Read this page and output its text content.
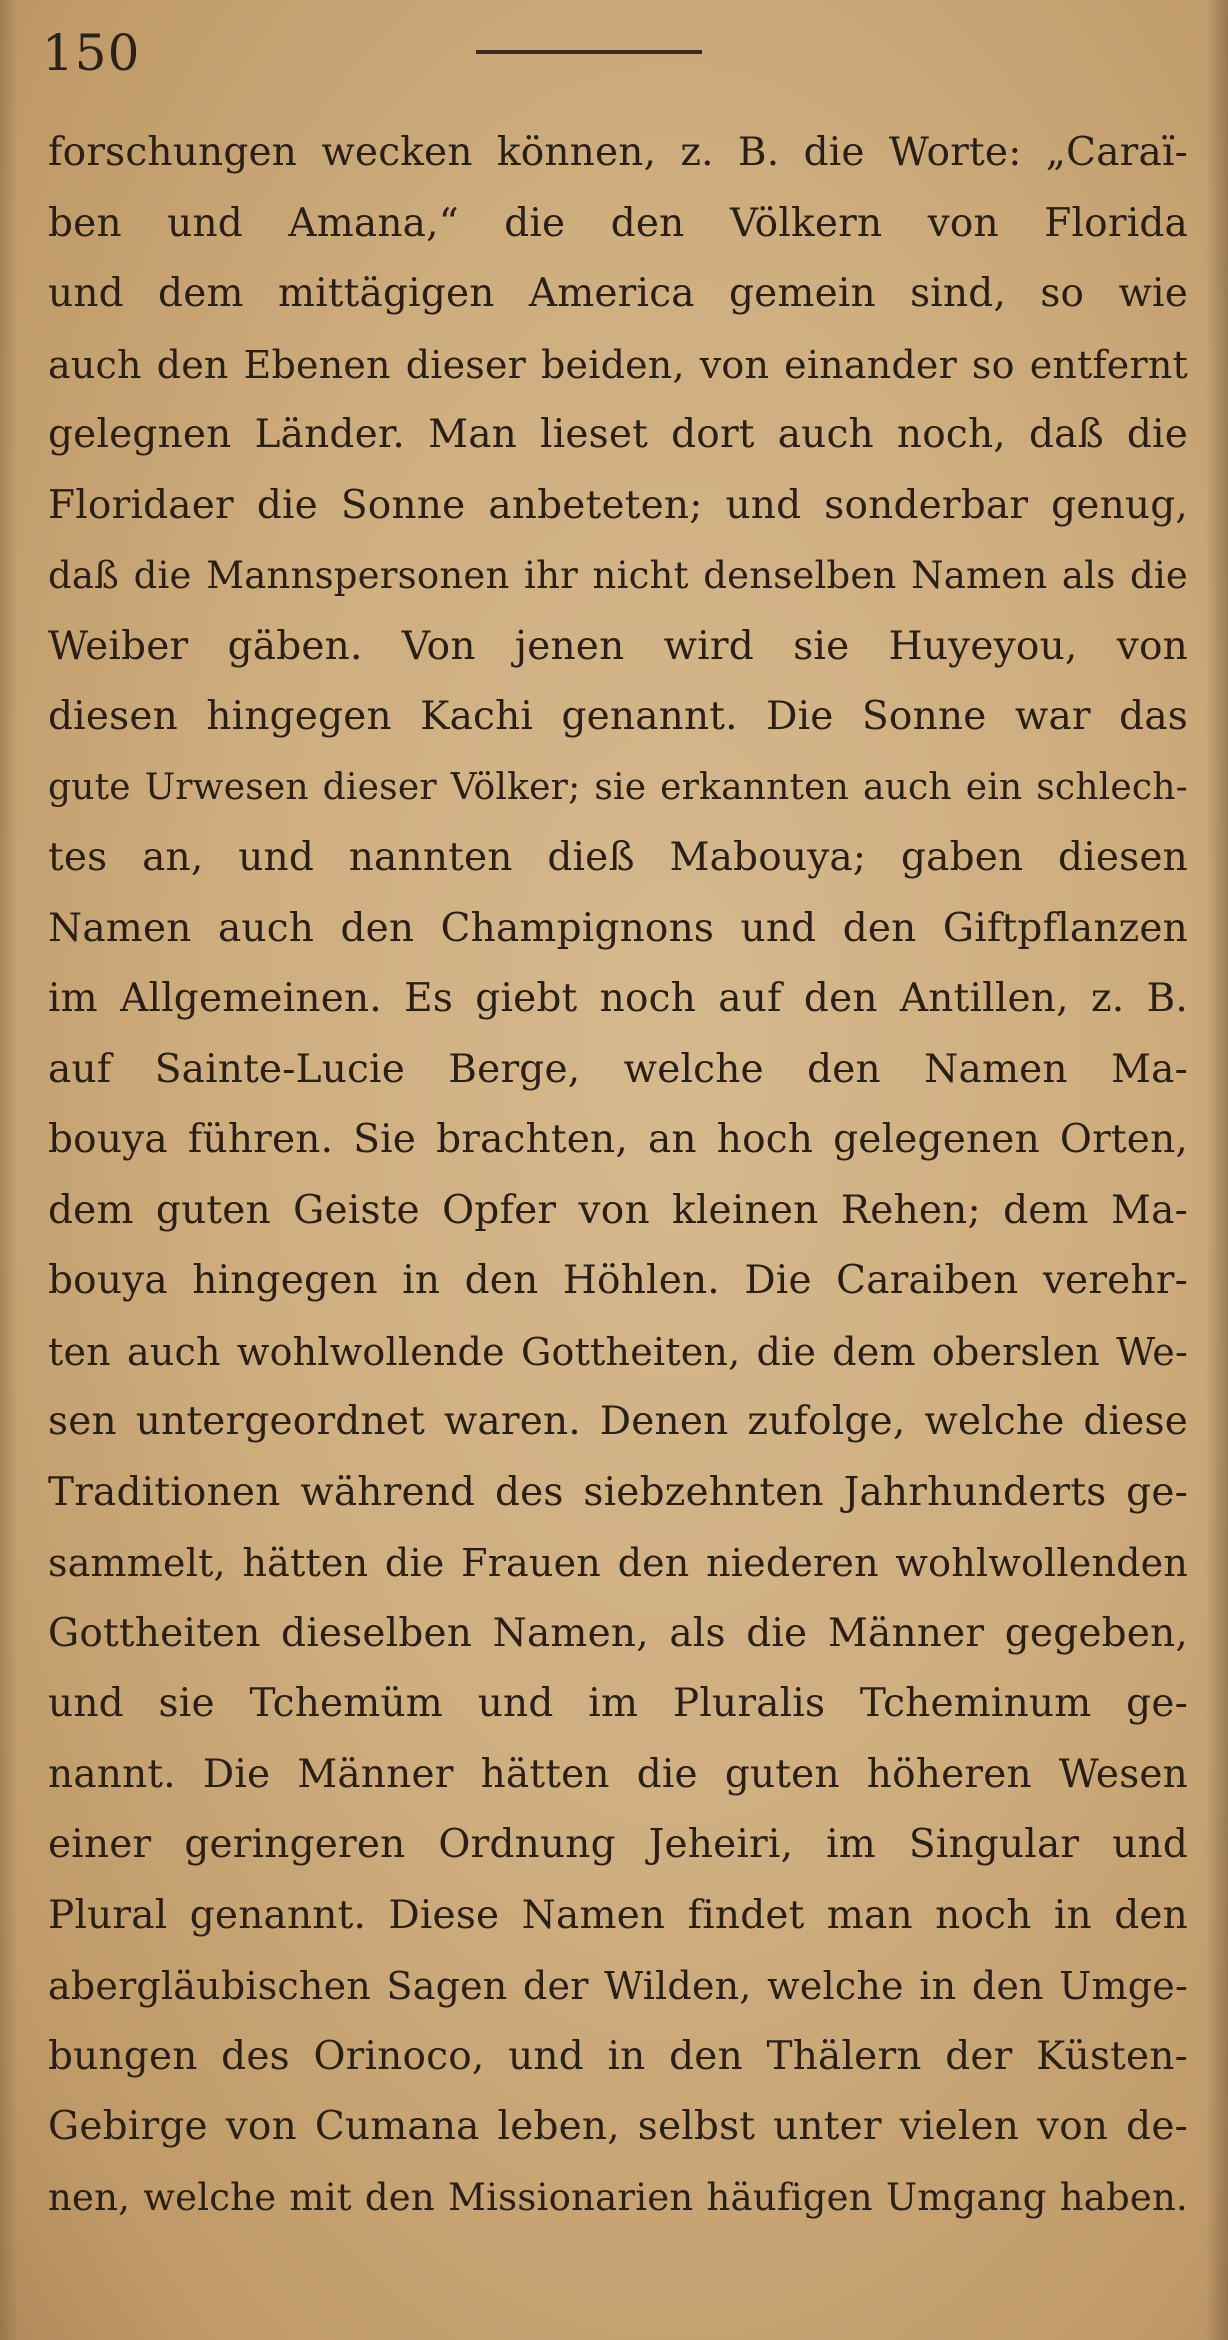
150
forschungen wecken können, z. B. die Worte: „Caraï-
ben und Amana,“ die den Völkern von Florida
und dem mittägigen America gemein sind, so wie
auch den Ebenen dieser beiden, von einander so entfernt
gelegnen Länder. Man lieset dort auch noch, daß die
Floridaer die Sonne anbeteten; und sonderbar genug,
daß die Mannspersonen ihr nicht denselben Namen als die
Weiber gäben. Von jenen wird sie Huyeyou, von
diesen hingegen Kachi genannt. Die Sonne war das
gute Urwesen dieser Völker; sie erkannten auch ein schlech-
tes an, und nannten dieß Mabouya; gaben diesen
Namen auch den Champignons und den Giftpflanzen
im Allgemeinen. Es giebt noch auf den Antillen, z. B.
auf Sainte-Lucie Berge, welche den Namen Ma-
bouya führen. Sie brachten, an hoch gelegenen Orten,
dem guten Geiste Opfer von kleinen Rehen; dem Ma-
bouya hingegen in den Höhlen. Die Caraiben verehr-
ten auch wohlwollende Gottheiten, die dem oberslen We-
sen untergeordnet waren. Denen zufolge, welche diese
Traditionen während des siebzehnten Jahrhunderts ge-
sammelt, hätten die Frauen den niederen wohlwollenden
Gottheiten dieselben Namen, als die Männer gegeben,
und sie Tchemüm und im Pluralis Tcheminum ge-
nannt. Die Männer hätten die guten höheren Wesen
einer geringeren Ordnung Jeheiri, im Singular und
Plural genannt. Diese Namen findet man noch in den
abergläubischen Sagen der Wilden, welche in den Umge-
bungen des Orinoco, und in den Thälern der Küsten-
Gebirge von Cumana leben, selbst unter vielen von de-
nen, welche mit den Missionarien häufigen Umgang haben.
